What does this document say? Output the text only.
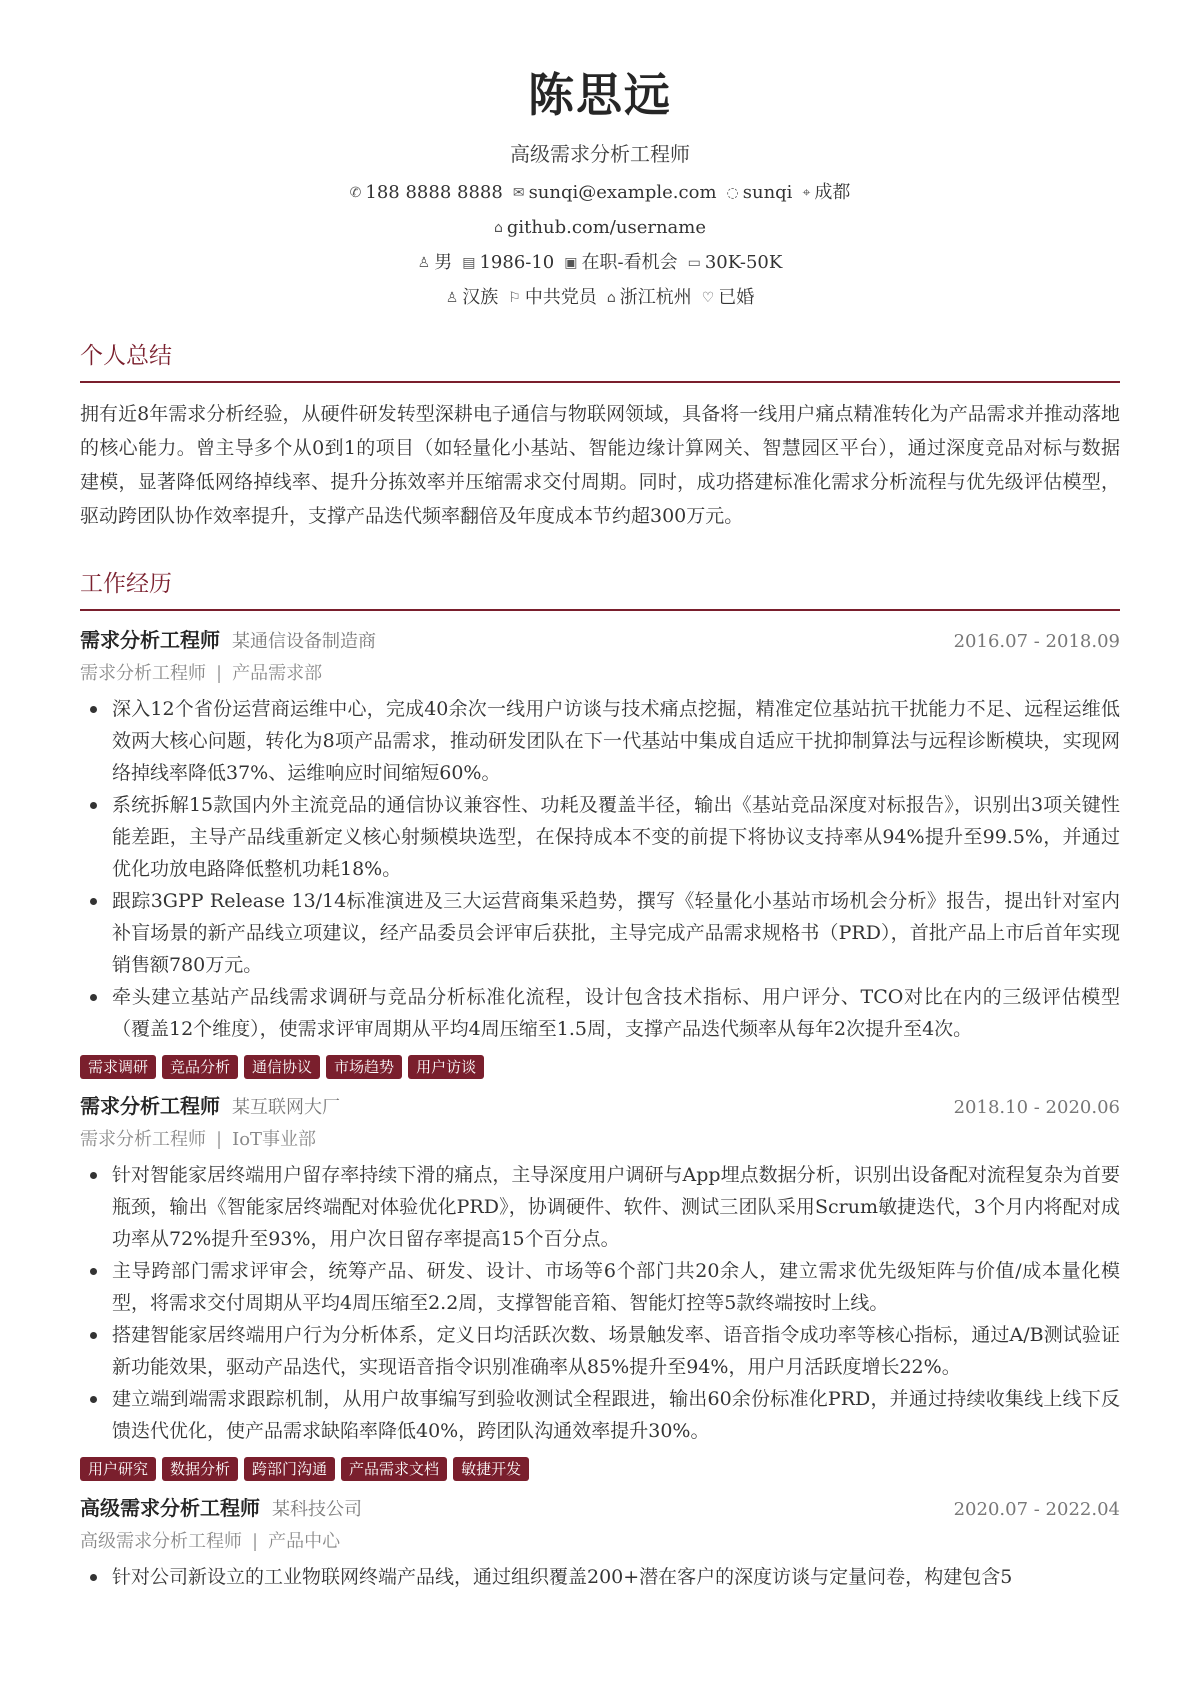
陈思远
高级需求分析工程师
✆ 188 8888 8888 ✉ sunqi@example.com ◌ sunqi ⌖ 成都
⌂ github.com/username
♙ 男 ▤ 1986-10 ▣ 在职-看机会 ▭ 30K-50K
♙ 汉族 ⚐ 中共党员 ⌂ 浙江杭州 ♡ 已婚
个人总结

拥有近8年需求分析经验，从硬件研发转型深耕电子通信与物联网领域，具备将一线用户痛点精准转化为产品需求并推动落地的核心能力。曾主导多个从0到1的项目（如轻量化小基站、智能边缘计算网关、智慧园区平台），通过深度竞品对标与数据建模，显著降低网络掉线率、提升分拣效率并压缩需求交付周期。同时，成功搭建标准化需求分析流程与优先级评估模型，驱动跨团队协作效率提升，支撑产品迭代频率翻倍及年度成本节约超300万元。

工作经历
需求分析工程师 某通信设备制造商	2016.07 - 2018.09
需求分析工程师 | 产品需求部
深入12个省份运营商运维中心，完成40余次一线用户访谈与技术痛点挖掘，精准定位基站抗干扰能力不足、远程运维低效两大核心问题，转化为8项产品需求，推动研发团队在下一代基站中集成自适应干扰抑制算法与远程诊断模块，实现网络掉线率降低37%、运维响应时间缩短60%。
系统拆解15款国内外主流竞品的通信协议兼容性、功耗及覆盖半径，输出《基站竞品深度对标报告》，识别出3项关键性能差距，主导产品线重新定义核心射频模块选型，在保持成本不变的前提下将协议支持率从94%提升至99.5%，并通过优化功放电路降低整机功耗18%。
跟踪3GPP Release 13/14标准演进及三大运营商集采趋势，撰写《轻量化小基站市场机会分析》报告，提出针对室内补盲场景的新产品线立项建议，经产品委员会评审后获批，主导完成产品需求规格书（PRD），首批产品上市后首年实现销售额780万元。
牵头建立基站产品线需求调研与竞品分析标准化流程，设计包含技术指标、用户评分、TCO对比在内的三级评估模型（覆盖12个维度），使需求评审周期从平均4周压缩至1.5周，支撑产品迭代频率从每年2次提升至4次。
需求调研	竞品分析	通信协议	市场趋势	用户访谈
需求分析工程师 某互联网大厂	2018.10 - 2020.06
需求分析工程师 | IoT事业部
针对智能家居终端用户留存率持续下滑的痛点，主导深度用户调研与App埋点数据分析，识别出设备配对流程复杂为首要瓶颈，输出《智能家居终端配对体验优化PRD》，协调硬件、软件、测试三团队采用Scrum敏捷迭代，3个月内将配对成功率从72%提升至93%，用户次日留存率提高15个百分点。
主导跨部门需求评审会，统筹产品、研发、设计、市场等6个部门共20余人，建立需求优先级矩阵与价值/成本量化模型，将需求交付周期从平均4周压缩至2.2周，支撑智能音箱、智能灯控等5款终端按时上线。
搭建智能家居终端用户行为分析体系，定义日均活跃次数、场景触发率、语音指令成功率等核心指标，通过A/B测试验证新功能效果，驱动产品迭代，实现语音指令识别准确率从85%提升至94%，用户月活跃度增长22%。
建立端到端需求跟踪机制，从用户故事编写到验收测试全程跟进，输出60余份标准化PRD，并通过持续收集线上线下反馈迭代优化，使产品需求缺陷率降低40%，跨团队沟通效率提升30%。
用户研究	数据分析	跨部门沟通	产品需求文档	敏捷开发
高级需求分析工程师 某科技公司	2020.07 - 2022.04
高级需求分析工程师 | 产品中心
针对公司新设立的工业物联网终端产品线，通过组织覆盖200+潜在客户的深度访谈与定量问卷，构建包含5
